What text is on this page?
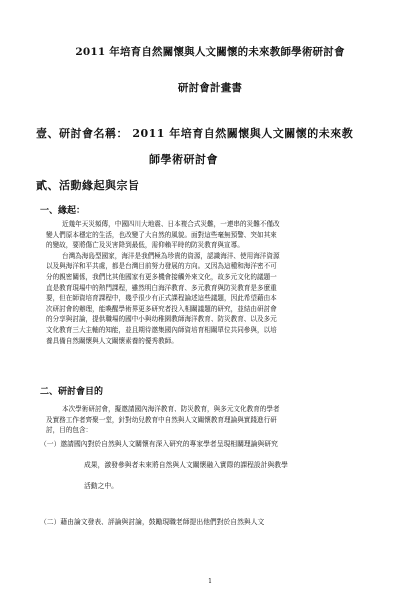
2011 年培育自然關懷與人文關懷的未來教師學術研討會
研討會計畫書
壹、研討會名稱： 2011 年培育自然關懷與人文關懷的未來教
師學術研討會
貳、活動緣起與宗旨
一、緣起：
近幾年天災頻傳，中國四川大地震、日本複合式災難，一連串的災難不僅改
變人們原本穩定的生活，也改變了大自然的風貌。面對這些毫無預警、突如其來
的變故，要將傷亡及災害降到最低，需仰賴平時的防災教育與宣導。
台灣為海島型國家，海洋是我們極為珍貴的資源，認識海洋、使用海洋資源
以及與海洋和平共處，都是台灣目前努力發展的方向。又因為這種和海洋密不可
分的親密關係，我們比其他國家有更多機會接觸外來文化，故多元文化的議題一
直是教育現場中的熱門課程，雖然明白海洋教育、多元教育與防災教育是多麼重
要，但在師資培育課程中，幾乎很少有正式課程論述這些議題，因此希望藉由本
次研討會的辦理，能喚醒學術界更多研究者投入相關議題的研究，並結由研討會
的分享與討論，提供職場的國中小與幼稚園教師海洋教育、防災教育、以及多元
文化教育三大主軸的知能，並且期待邀集國內師資培育相關單位共同參與，以培
養具備自然關懷與人文關懷素養的優秀教師。
二、研討會目的
本次學術研討會，擬邀請國內海洋教育、防災教育，與多元文化教育的學者
及實務工作者齊聚一堂，針對幼兒教育中自然與人文關懷教育理論與實踐進行研
討，目的包含：
（一）邀請國內對於自然與人文關懷有深入研究的專家學者呈現相關理論與研究
成果，激發參與者未來將自然與人文關懷融入實際的課程設計與教學
活動之中。
（二）藉由論文發表、評論與討論，鼓勵現職老師提出他們對於自然與人文
1
